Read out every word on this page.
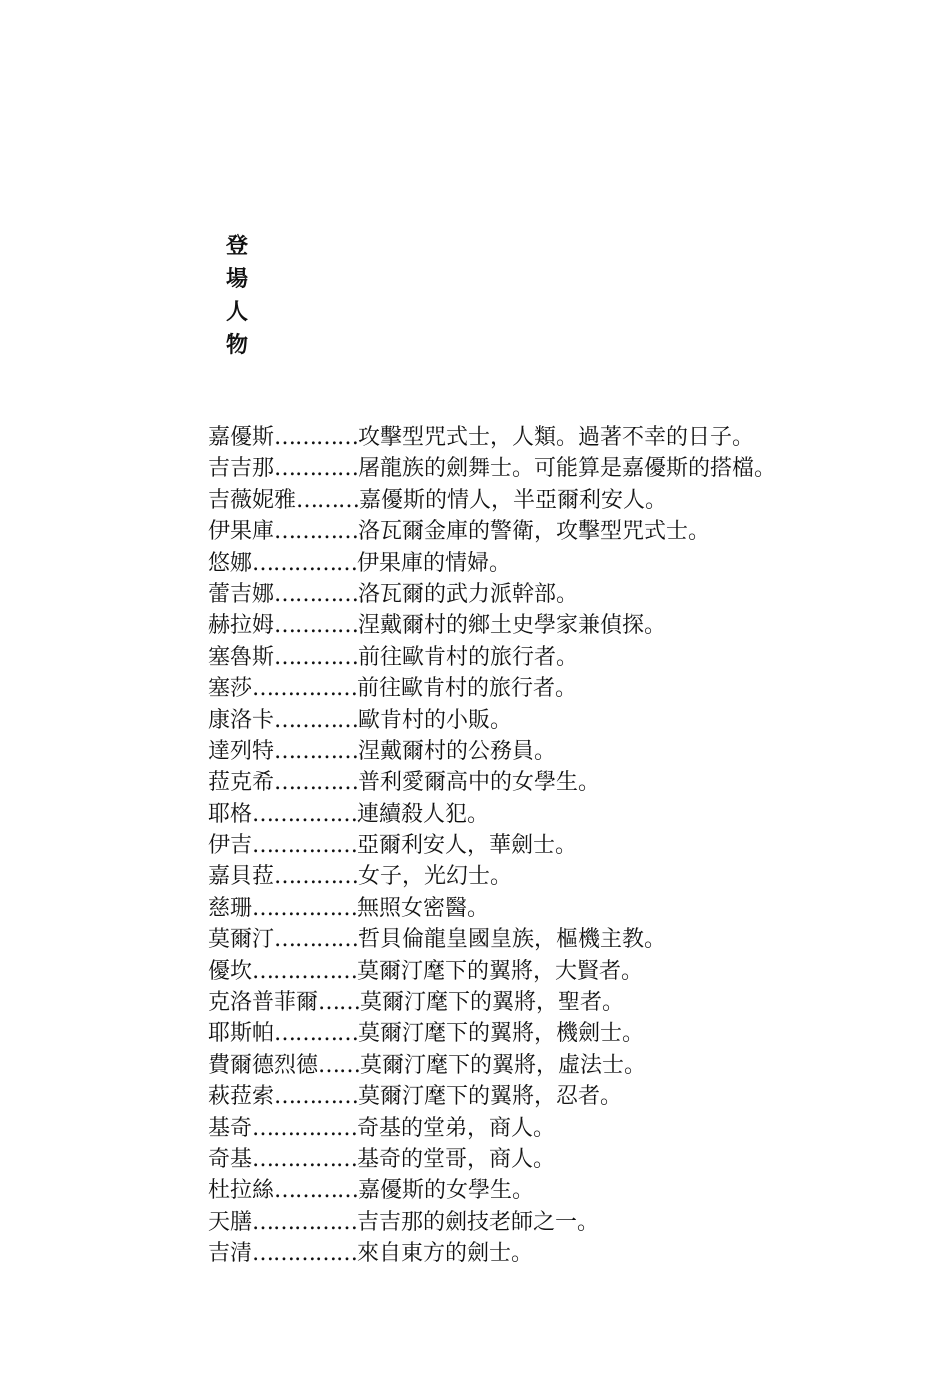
登
場
人
物
嘉優斯 ………… 攻擊型咒式士，人類。過著不幸的日子。
吉吉那 ………… 屠龍族的劍舞士。可能算是嘉優斯的搭檔。
吉薇妮雅 ……… 嘉優斯的情人，半亞爾利安人。
伊果庫 ………… 洛瓦爾金庫的警衛，攻擊型咒式士。
悠娜 …………… 伊果庫的情婦。
蕾吉娜 ………… 洛瓦爾的武力派幹部。
赫拉姆 ………… 涅戴爾村的鄉土史學家兼偵探。
塞魯斯 ………… 前往歐肯村的旅行者。
塞莎 …………… 前往歐肯村的旅行者。
康洛卡 ………… 歐肯村的小販。
達列特 ………… 涅戴爾村的公務員。
菈克希 ………… 普利愛爾高中的女學生。
耶格 …………… 連續殺人犯。
伊吉 …………… 亞爾利安人，華劍士。
嘉貝菈 ………… 女子，光幻士。
慈珊 …………… 無照女密醫。
莫爾汀 ………… 哲貝倫龍皇國皇族，樞機主教。
優坎 …………… 莫爾汀麾下的翼將，大賢者。
克洛普菲爾 …… 莫爾汀麾下的翼將，聖者。
耶斯帕 ………… 莫爾汀麾下的翼將，機劍士。
費爾德烈德 …… 莫爾汀麾下的翼將，虛法士。
萩菈索 ………… 莫爾汀麾下的翼將，忍者。
基奇 …………… 奇基的堂弟，商人。
奇基 …………… 基奇的堂哥，商人。
杜拉絲 ………… 嘉優斯的女學生。
天膳 …………… 吉吉那的劍技老師之一。
吉清 …………… 來自東方的劍士。
